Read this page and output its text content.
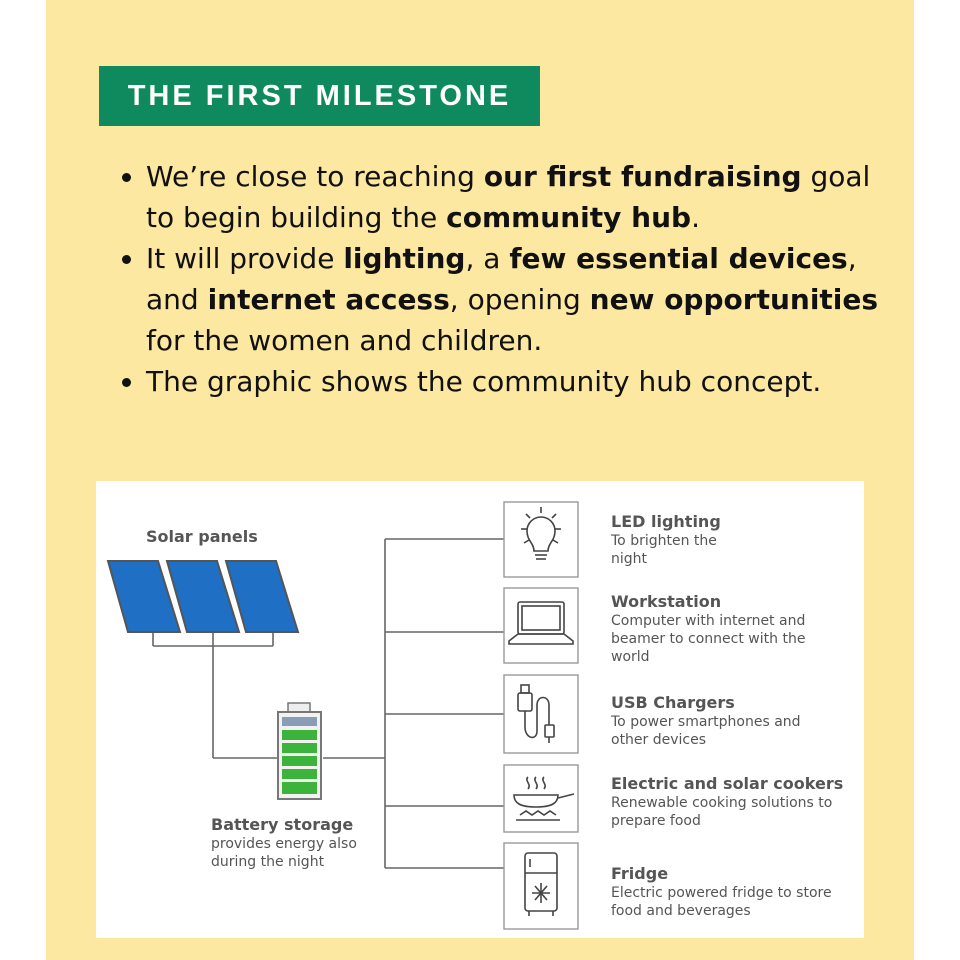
THE FIRST MILESTONE
• We’re close to reaching our first fundraising goal to begin building the community hub.
• It will provide lighting, a few essential devices, and internet access, opening new opportunities for the women and children.
• The graphic shows the community hub concept.
Solar panels
Battery storage
provides energy also during the night
LED lighting
To brighten the night
Workstation
Computer with internet and beamer to connect with the world
USB Chargers
To power smartphones and other devices
Electric and solar cookers
Renewable cooking solutions to prepare food
Fridge
Electric powered fridge to store food and beverages
